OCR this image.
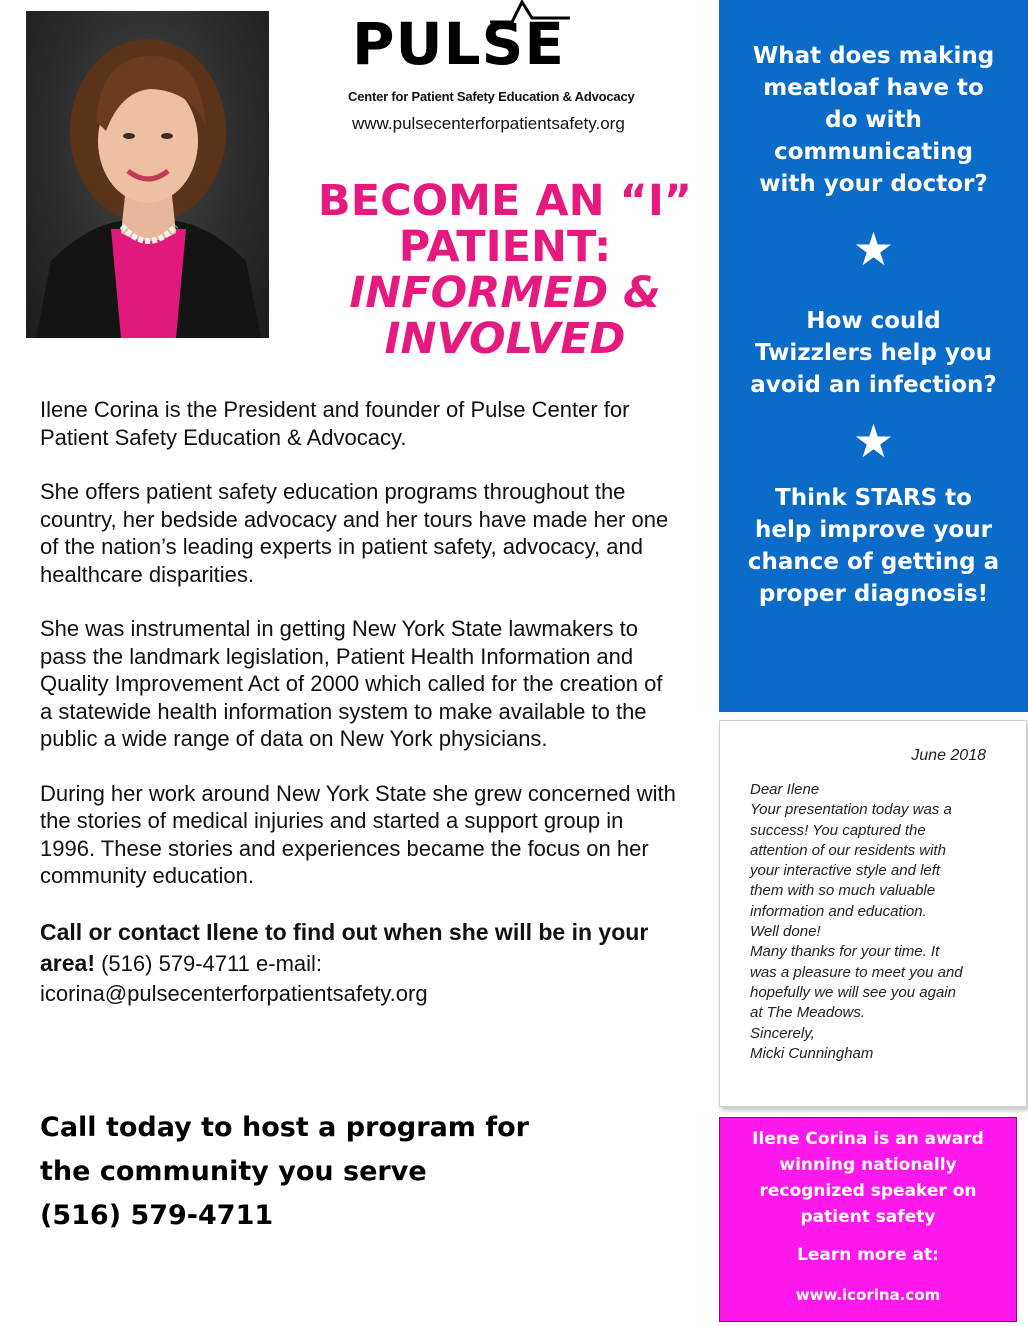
PULSE
Center for Patient Safety Education & Advocacy
www.pulsecenterforpatientsafety.org
BECOME AN “I”
PATIENT:
INFORMED &
INVOLVED

Ilene Corina is the President and founder of Pulse Center for Patient Safety Education & Advocacy.

She offers patient safety education programs throughout the country, her bedside advocacy and her tours have made her one of the nation’s leading experts in patient safety, advocacy, and healthcare disparities.

She was instrumental in getting New York State lawmakers to pass the landmark legislation, Patient Health Information and Quality Improvement Act of 2000 which called for the creation of a statewide health information system to make available to the public a wide range of data on New York physicians.

During her work around New York State she grew concerned with the stories of medical injuries and started a support group in 1996. These stories and experiences became the focus on her community education.

Call or contact Ilene to find out when she will be in your area! (516) 579-4711 e-mail:
icorina@pulsecenterforpatientsafety.org
Call today to host a program for
the community you serve
(516) 579-4711
What does making
meatloaf have to
do with
communicating
with your doctor?
★
How could
Twizzlers help you
avoid an infection?
★
Think STARS to
help improve your
chance of getting a
proper diagnosis!
June 2018
Dear Ilene
Your presentation today was a
success! You captured the
attention of our residents with
your interactive style and left
them with so much valuable
information and education.
Well done!
Many thanks for your time. It
was a pleasure to meet you and
hopefully we will see you again
at The Meadows.
Sincerely,
Micki Cunningham
Ilene Corina is an award
winning nationally
recognized speaker on
patient safety
Learn more at:
www.icorina.com
